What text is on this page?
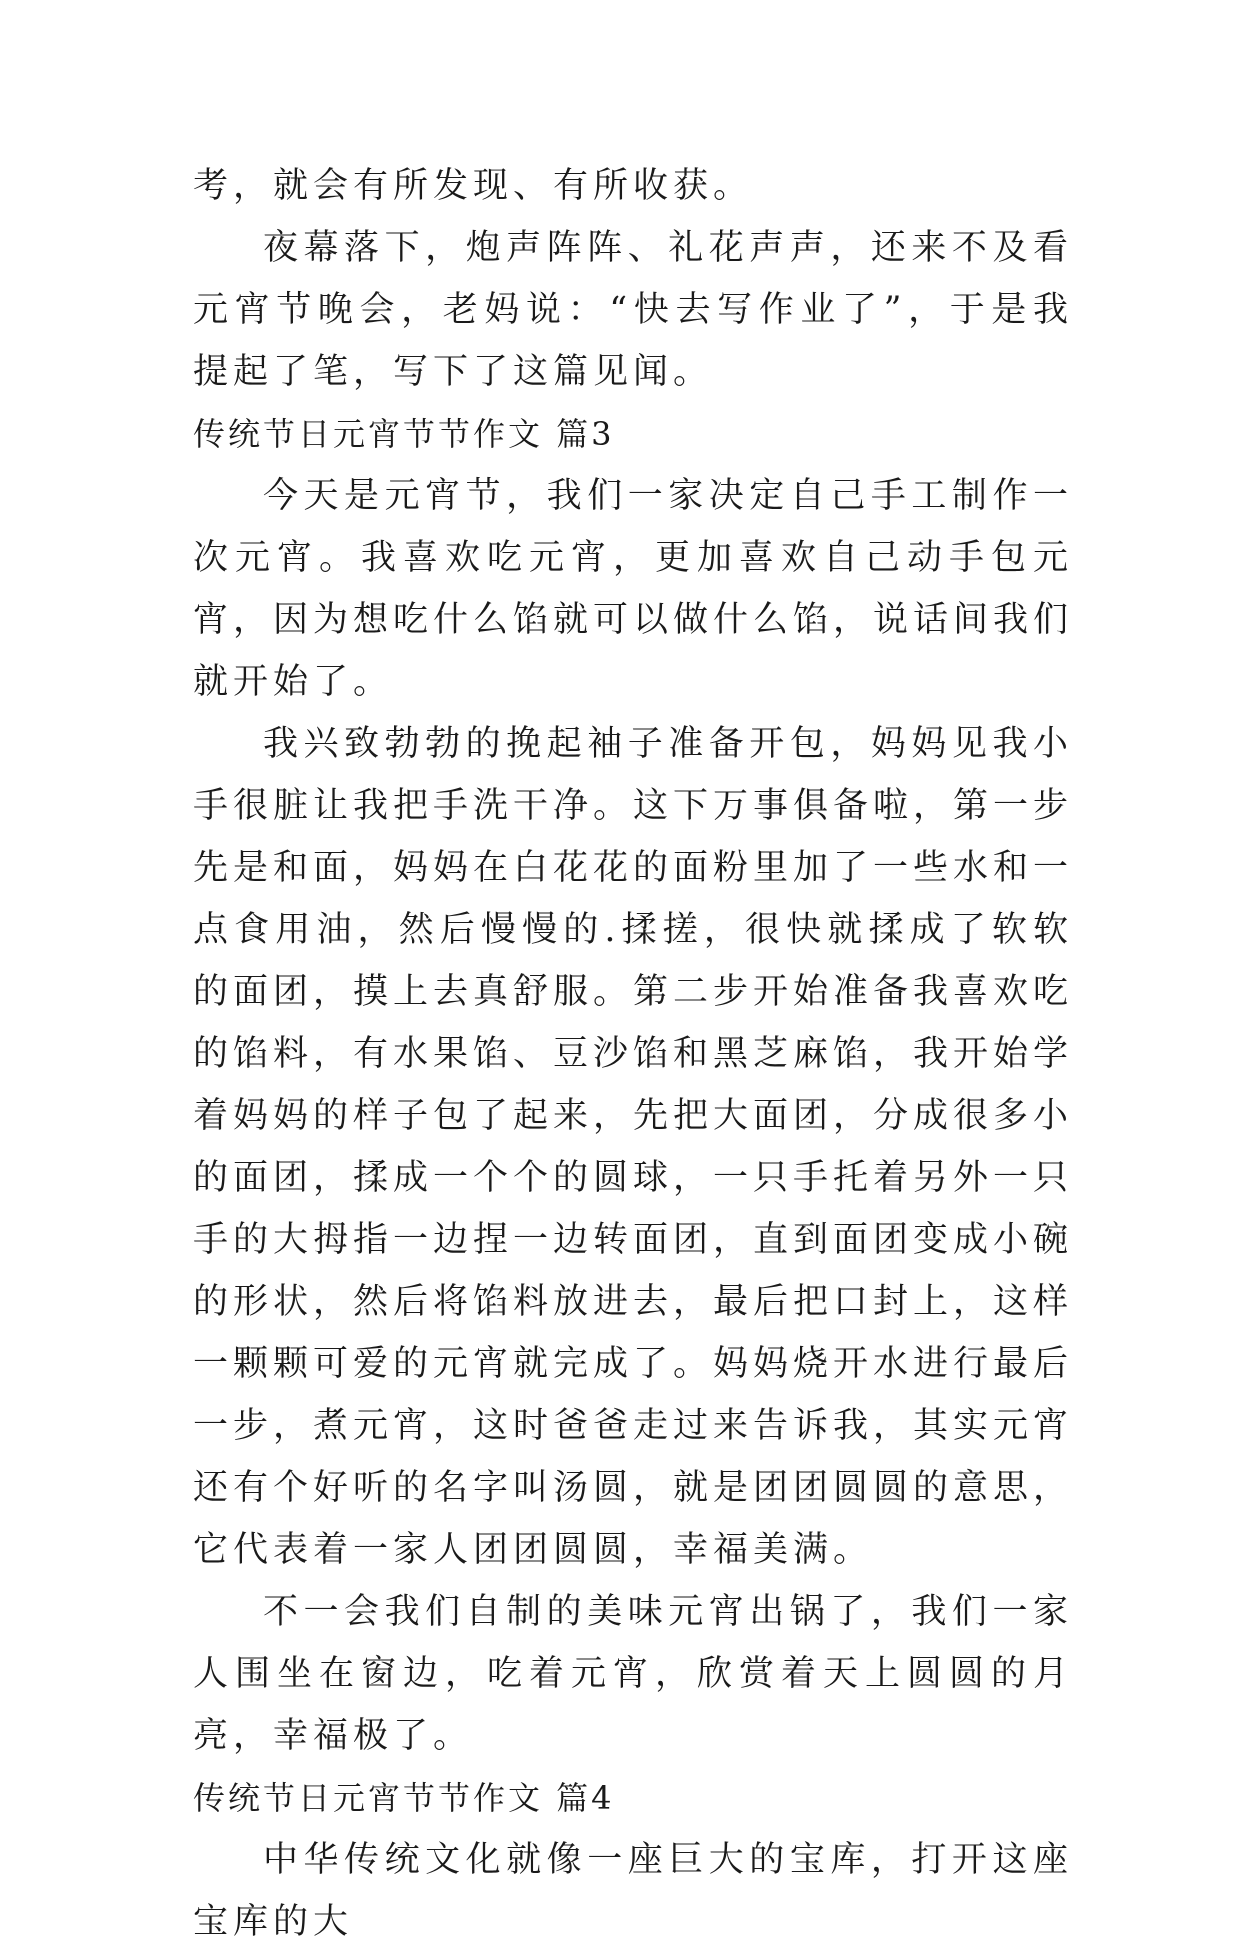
考，就会有所发现、有所收获。

夜幕落下，炮声阵阵、礼花声声，还来不及看元宵节晚会，老妈说：“快去写作业了”，于是我提起了笔，写下了这篇见闻。

传统节日元宵节节作文 篇3

今天是元宵节，我们一家决定自己手工制作一次元宵。我喜欢吃元宵，更加喜欢自己动手包元宵，因为想吃什么馅就可以做什么馅，说话间我们就开始了。

我兴致勃勃的挽起袖子准备开包，妈妈见我小手很脏让我把手洗干净。这下万事俱备啦，第一步先是和面，妈妈在白花花的面粉里加了一些水和一点食用油，然后慢慢的.揉搓，很快就揉成了软软的面团，摸上去真舒服。第二步开始准备我喜欢吃的馅料，有水果馅、豆沙馅和黑芝麻馅，我开始学着妈妈的样子包了起来，先把大面团，分成很多小的面团，揉成一个个的圆球，一只手托着另外一只手的大拇指一边捏一边转面团，直到面团变成小碗的形状，然后将馅料放进去，最后把口封上，这样一颗颗可爱的元宵就完成了。妈妈烧开水进行最后一步，煮元宵，这时爸爸走过来告诉我，其实元宵还有个好听的名字叫汤圆，就是团团圆圆的意思，它代表着一家人团团圆圆，幸福美满。

不一会我们自制的美味元宵出锅了，我们一家人围坐在窗边，吃着元宵，欣赏着天上圆圆的月亮，幸福极了。

传统节日元宵节节作文 篇4

中华传统文化就像一座巨大的宝库，打开这座宝库的大
